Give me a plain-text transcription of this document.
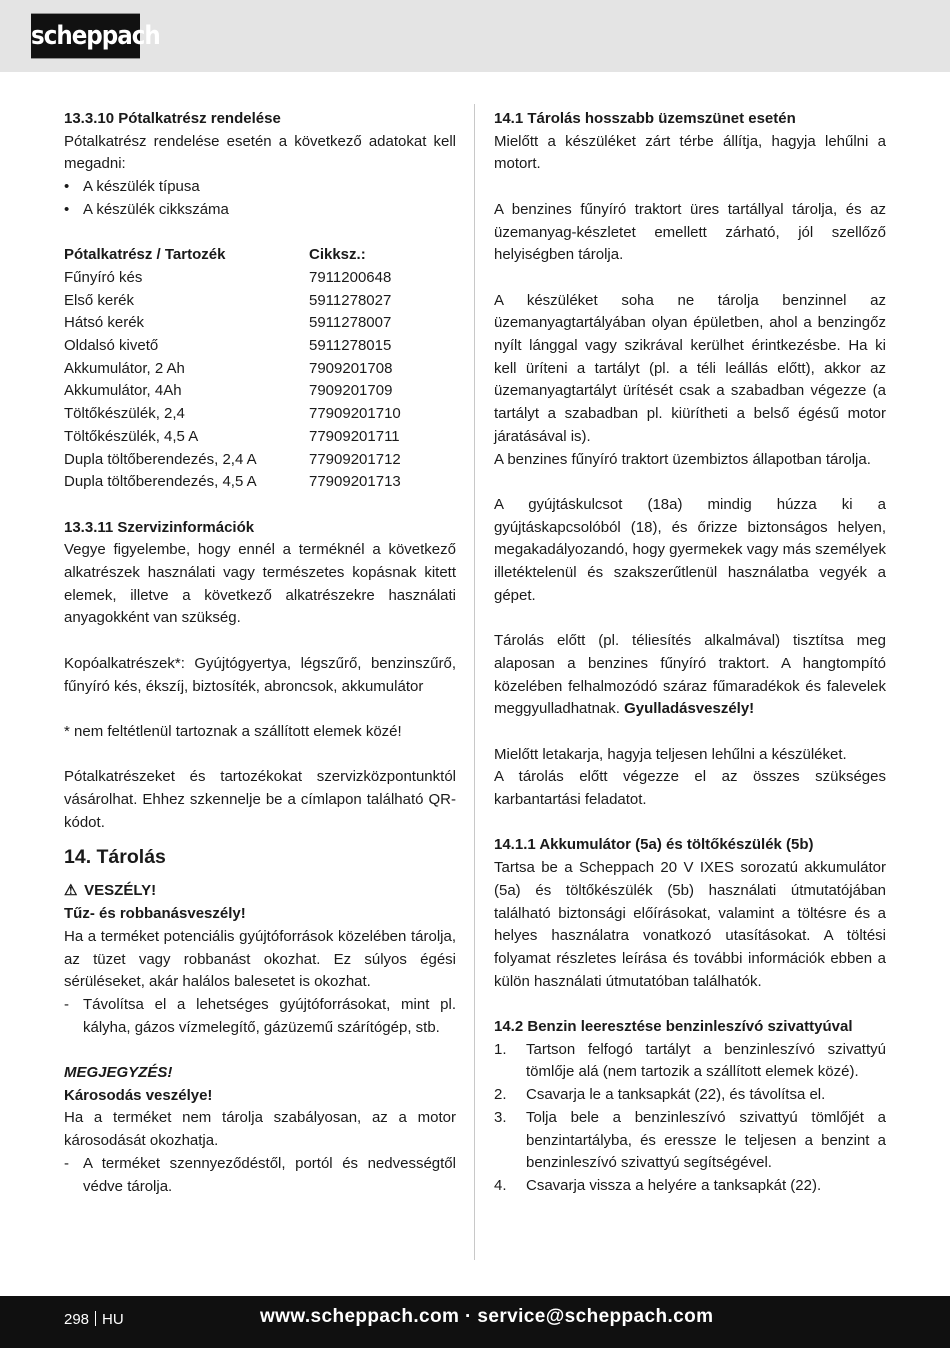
scheppach

13.3.10 Pótalkatrész rendelése

Pótalkatrész rendelése esetén a következő adatokat kell megadni:

• A készülék típusa
• A készülék cikkszáma
Pótalkatrész / Tartozék	Cikksz.:
Fűnyíró kés	7911200648
Első kerék	5911278027
Hátsó kerék	5911278007
Oldalsó kivető	5911278015
Akkumulátor, 2 Ah	7909201708
Akkumulátor, 4Ah	7909201709
Töltőkészülék, 2,4	77909201710
Töltőkészülék, 4,5 A	77909201711
Dupla töltőberendezés, 2,4 A	77909201712
Dupla töltőberendezés, 4,5 A	77909201713

13.3.11 Szervizinformációk

Vegye figyelembe, hogy ennél a terméknél a következő alkatrészek használati vagy természetes kopásnak kitett elemek, illetve a következő alkatrészekre használati anyagokként van szükség.

Kopóalkatrészek*: Gyújtógyertya, légszűrő, benzinszűrő, fűnyíró kés, ékszíj, biztosíték, abroncsok, akkumulátor

* nem feltétlenül tartoznak a szállított elemek közé!

Pótalkatrészeket és tartozékokat szervizközpontunktól vásárolhat. Ehhez szkennelje be a címlapon található QR-kódot.

14. Tárolás

⚠ VESZÉLY!

Tűz- és robbanásveszély!

Ha a terméket potenciális gyújtóforrások közelében tárolja, az tüzet vagy robbanást okozhat. Ez súlyos égési sérüléseket, akár halálos balesetet is okozhat.

- Távolítsa el a lehetséges gyújtóforrásokat, mint pl. kályha, gázos vízmelegítő, gázüzemű szárítógép, stb.

MEGJEGYZÉS!

Károsodás veszélye!

Ha a terméket nem tárolja szabályosan, az a motor károsodását okozhatja.

- A terméket szennyeződéstől, portól és nedvességtől védve tárolja.

14.1 Tárolás hosszabb üzemszünet esetén

Mielőtt a készüléket zárt térbe állítja, hagyja lehűlni a motort.

A benzines fűnyíró traktort üres tartállyal tárolja, és az üzemanyag-készletet emellett zárható, jól szellőző helyiségben tárolja.

A készüléket soha ne tárolja benzinnel az üzemanyagtartályában olyan épületben, ahol a benzingőz nyílt lánggal vagy szikrával kerülhet érintkezésbe. Ha ki kell üríteni a tartályt (pl. a téli leállás előtt), akkor az üzemanyagtartályt ürítését csak a szabadban végezze (a tartályt a szabadban pl. kiürítheti a belső égésű motor járatásával is).

A benzines fűnyíró traktort üzembiztos állapotban tárolja.

A gyújtáskulcsot (18a) mindig húzza ki a gyújtáskapcsolóból (18), és őrizze biztonságos helyen, megakadályozandó, hogy gyermekek vagy más személyek illetéktelenül és szakszerűtlenül használatba vegyék a gépet.

Tárolás előtt (pl. téliesítés alkalmával) tisztítsa meg alaposan a benzines fűnyíró traktort. A hangtompító közelében felhalmozódó száraz fűmaradékok és falevelek meggyulladhatnak. Gyulladásveszély!

Mielőtt letakarja, hagyja teljesen lehűlni a készüléket.

A tárolás előtt végezze el az összes szükséges karbantartási feladatot.

14.1.1 Akkumulátor (5a) és töltőkészülék (5b)

Tartsa be a Scheppach 20 V IXES sorozatú akkumulátor (5a) és töltőkészülék (5b) használati útmutatójában található biztonsági előírásokat, valamint a töltésre és a helyes használatra vonatkozó utasításokat. A töltési folyamat részletes leírása és további információk ebben a külön használati útmutatóban találhatók.

14.2 Benzin leeresztése benzinleszívó szivattyúval

1. Tartson felfogó tartályt a benzinleszívó szivattyú tömlője alá (nem tartozik a szállított elemek közé).
2. Csavarja le a tanksapkát (22), és távolítsa el.
3. Tolja bele a benzinleszívó szivattyú tömlőjét a benzintartályba, és eressze le teljesen a benzint a benzinleszívó szivattyú segítségével.
4. Csavarja vissza a helyére a tanksapkát (22).
298 HU	www.scheppach.com · service@scheppach.com
